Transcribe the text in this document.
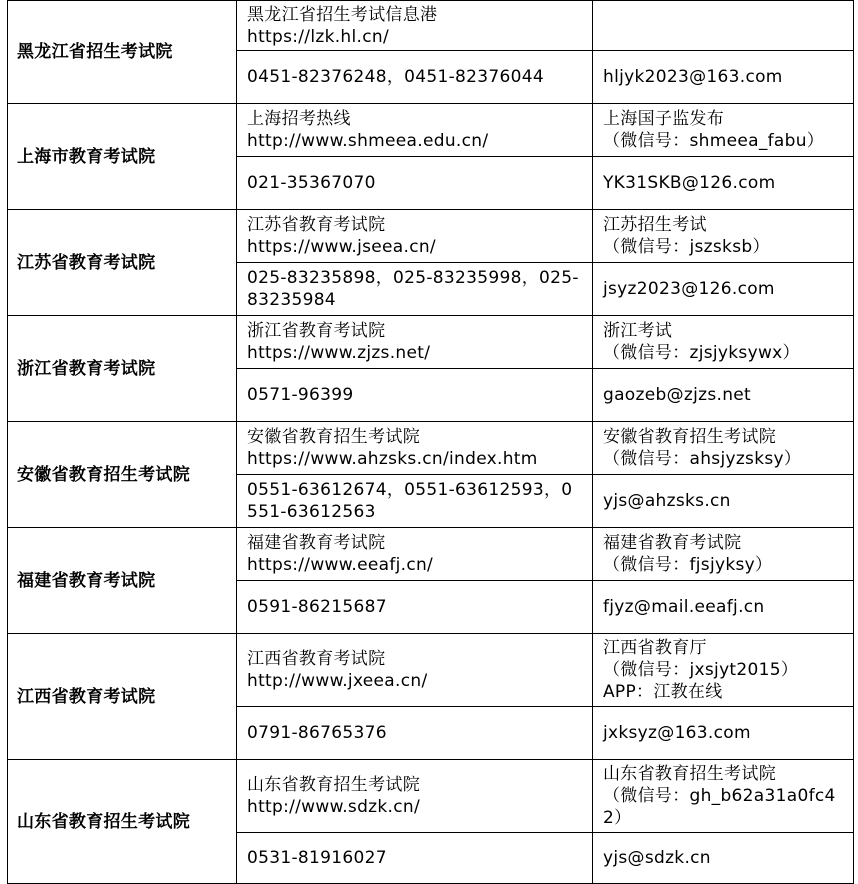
黑龙江省招生考试院	黑龙江省招生考试信息港
https://lzk.hl.cn/	

	0451-82376248，0451-82376044	hljyk2023@163.com

上海市教育考试院	上海招考热线
http://www.shmeea.edu.cn/	上海国子监发布
（微信号：shmeea_fabu）

	021-35367070	YK31SKB@126.com

江苏省教育考试院	江苏省教育考试院
https://www.jseea.cn/	江苏招生考试
（微信号：jszsksb）

	025-83235898，025-83235998，025-
83235984	jsyz2023@126.com

浙江省教育考试院	浙江省教育考试院
https://www.zjzs.net/	浙江考试
（微信号：zjsjyksywx）

	0571-96399	gaozeb@zjzs.net

安徽省教育招生考试院	安徽省教育招生考试院
https://www.ahzsks.cn/index.htm	安徽省教育招生考试院
（微信号：ahsjyzsksy）

	0551-63612674，0551-63612593，0
551-63612563	yjs@ahzsks.cn

福建省教育考试院	福建省教育考试院
https://www.eeafj.cn/	福建省教育考试院
（微信号：fjsjyksy）

	0591-86215687	fjyz@mail.eeafj.cn

江西省教育考试院	江西省教育考试院
http://www.jxeea.cn/	江西省教育厅
（微信号：jxsjyt2015）
APP：江教在线

	0791-86765376	jxksyz@163.com

山东省教育招生考试院	山东省教育招生考试院
http://www.sdzk.cn/	山东省教育招生考试院
（微信号：gh_b62a31a0fc4
2）

	0531-81916027	yjs@sdzk.cn
